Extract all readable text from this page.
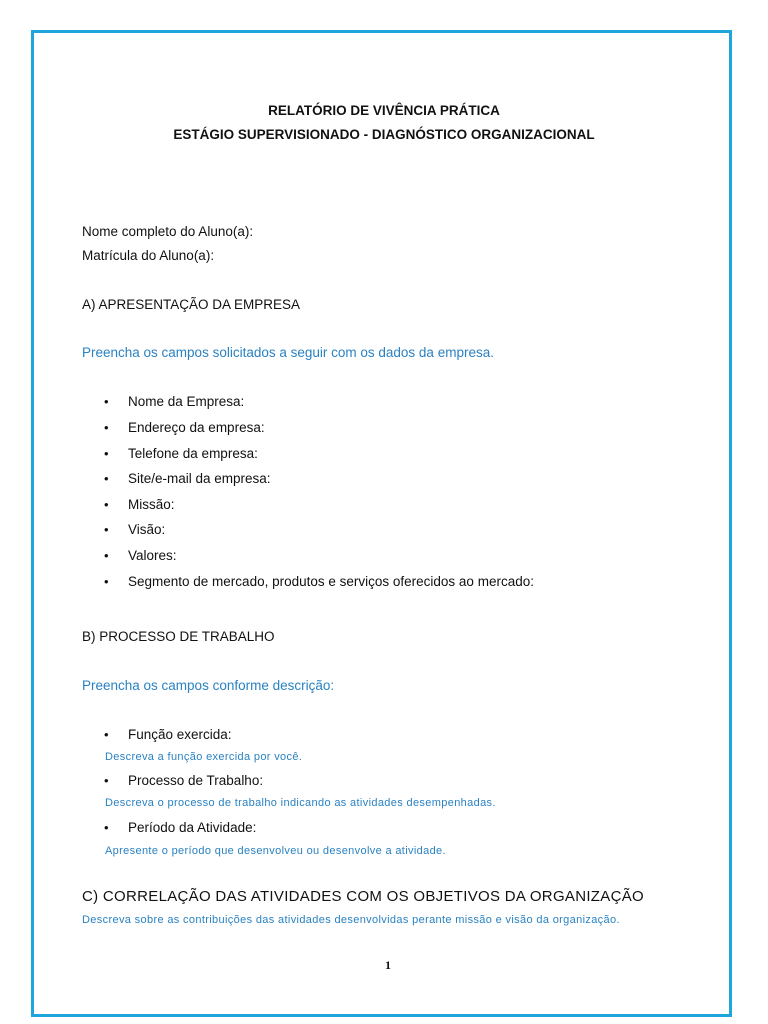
RELATÓRIO DE VIVÊNCIA PRÁTICA
ESTÁGIO SUPERVISIONADO - DIAGNÓSTICO ORGANIZACIONAL
Nome completo do Aluno(a):
Matrícula do Aluno(a):
A) APRESENTAÇÃO DA EMPRESA
Preencha os campos solicitados a seguir com os dados da empresa.
• Nome da Empresa:
• Endereço da empresa:
• Telefone da empresa:
• Site/e-mail da empresa:
• Missão:
• Visão:
• Valores:
• Segmento de mercado, produtos e serviços oferecidos ao mercado:
B) PROCESSO DE TRABALHO
Preencha os campos conforme descrição:
• Função exercida:
Descreva a função exercida por você.
• Processo de Trabalho:
Descreva o processo de trabalho indicando as atividades desempenhadas.
• Período da Atividade:
Apresente o período que desenvolveu ou desenvolve a atividade.
C) CORRELAÇÃO DAS ATIVIDADES COM OS OBJETIVOS DA ORGANIZAÇÃO
Descreva sobre as contribuições das atividades desenvolvidas perante missão e visão da organização.
1
